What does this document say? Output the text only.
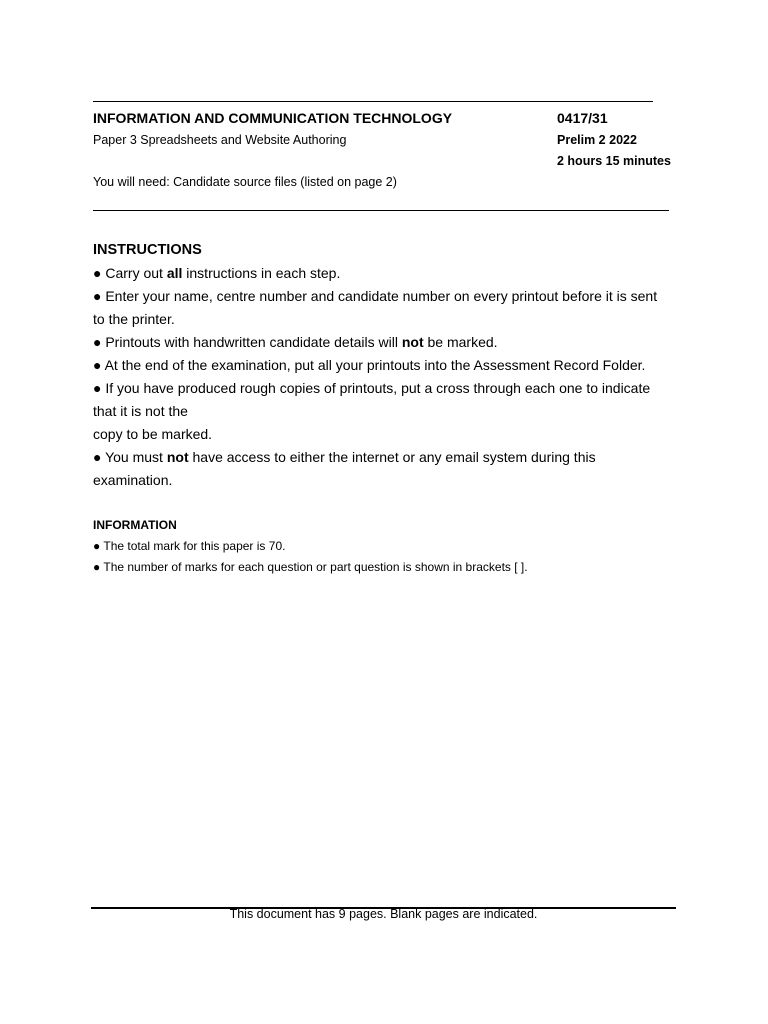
INFORMATION AND COMMUNICATION TECHNOLOGY	0417/31
Paper 3 Spreadsheets and Website Authoring	Prelim 2 2022
2 hours 15 minutes
You will need: Candidate source files (listed on page 2)

INSTRUCTIONS

● Carry out all instructions in each step.

● Enter your name, centre number and candidate number on every printout before it is sent

to the printer.

● Printouts with handwritten candidate details will not be marked.

● At the end of the examination, put all your printouts into the Assessment Record Folder.

● If you have produced rough copies of printouts, put a cross through each one to indicate

that it is not the

copy to be marked.

● You must not have access to either the internet or any email system during this

examination.

INFORMATION

● The total mark for this paper is 70.

● The number of marks for each question or part question is shown in brackets [ ].

This document has 9 pages. Blank pages are indicated.
